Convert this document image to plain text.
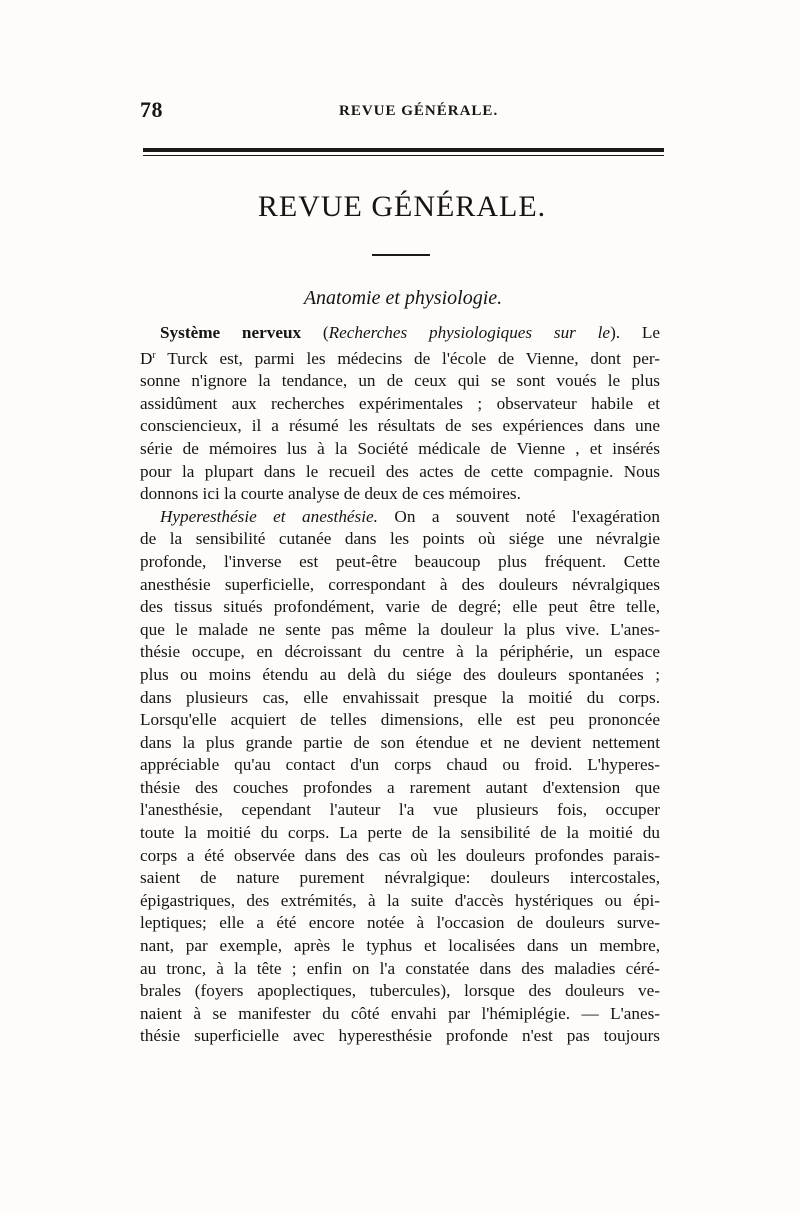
78	REVUE GÉNÉRALE.
REVUE GÉNÉRALE.
Anatomie et physiologie.
Système nerveux (Recherches physiologiques sur le). Le
$D^r$ Turck est, parmi les médecins de l'école de Vienne, dont per-
sonne n'ignore la tendance, un de ceux qui se sont voués le plus
assidûment aux recherches expérimentales ; observateur habile et
consciencieux, il a résumé les résultats de ses expériences dans une
série de mémoires lus à la Société médicale de Vienne , et insérés
pour la plupart dans le recueil des actes de cette compagnie. Nous
donnons ici la courte analyse de deux de ces mémoires.
Hyperesthésie et anesthésie. On a souvent noté l'exagération
de la sensibilité cutanée dans les points où siége une névralgie
profonde, l'inverse est peut-être beaucoup plus fréquent. Cette
anesthésie superficielle, correspondant à des douleurs névralgiques
des tissus situés profondément, varie de degré; elle peut être telle,
que le malade ne sente pas même la douleur la plus vive. L'anes-
thésie occupe, en décroissant du centre à la périphérie, un espace
plus ou moins étendu au delà du siége des douleurs spontanées ;
dans plusieurs cas, elle envahissait presque la moitié du corps.
Lorsqu'elle acquiert de telles dimensions, elle est peu prononcée
dans la plus grande partie de son étendue et ne devient nettement
appréciable qu'au contact d'un corps chaud ou froid. L'hyperes-
thésie des couches profondes a rarement autant d'extension que
l'anesthésie, cependant l'auteur l'a vue plusieurs fois, occuper
toute la moitié du corps. La perte de la sensibilité de la moitié du
corps a été observée dans des cas où les douleurs profondes parais-
saient de nature purement névralgique: douleurs intercostales,
épigastriques, des extrémités, à la suite d'accès hystériques ou épi-
leptiques; elle a été encore notée à l'occasion de douleurs surve-
nant, par exemple, après le typhus et localisées dans un membre,
au tronc, à la tête ; enfin on l'a constatée dans des maladies céré-
brales (foyers apoplectiques, tubercules), lorsque des douleurs ve-
naient à se manifester du côté envahi par l'hémiplégie. — L'anes-
thésie superficielle avec hyperesthésie profonde n'est pas toujours
